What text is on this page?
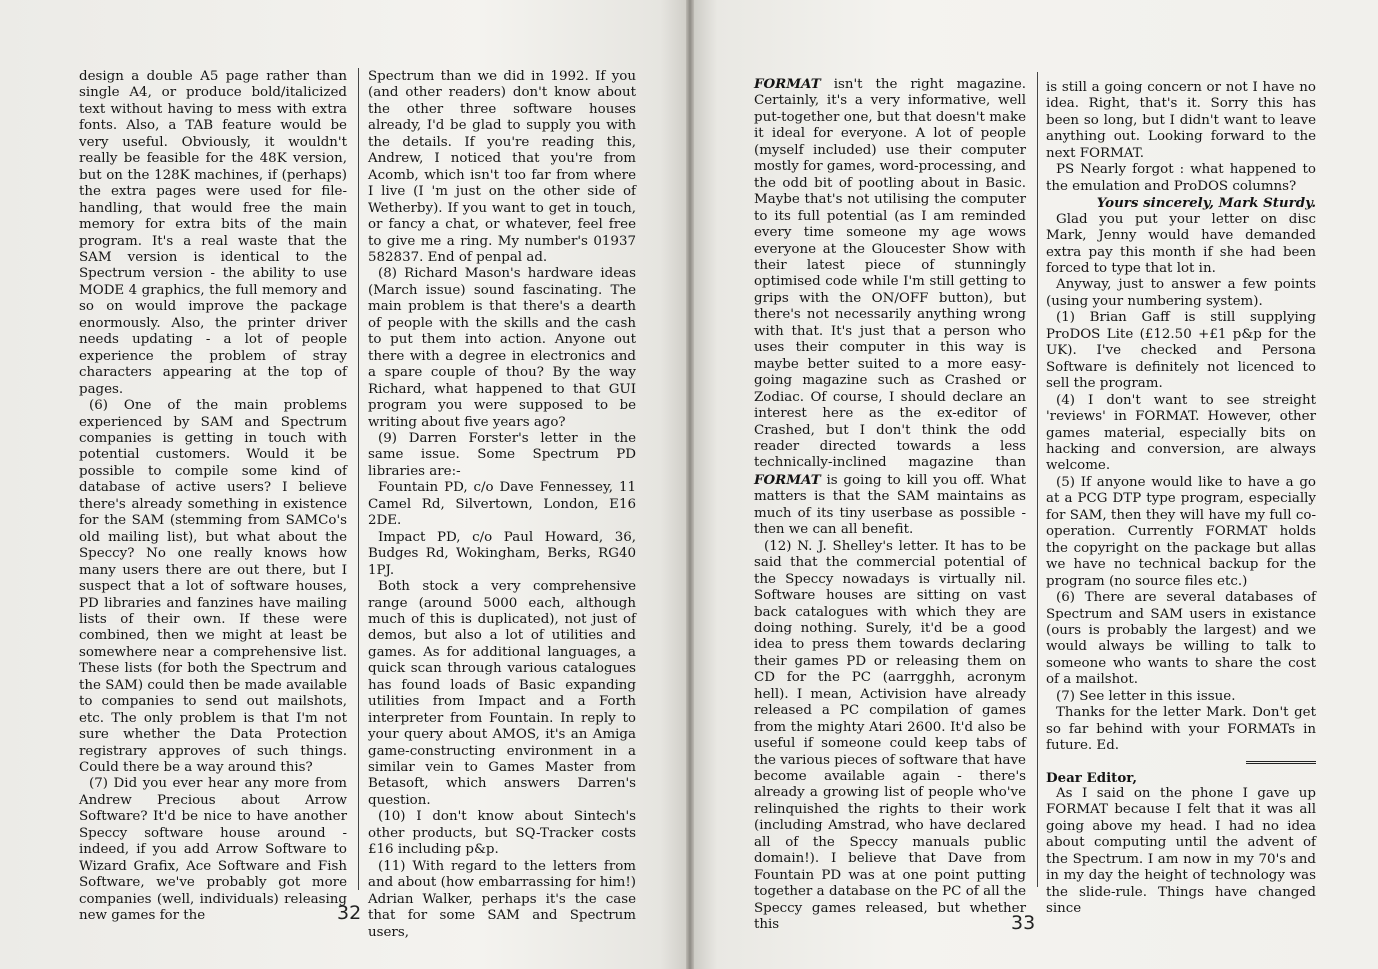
design a double A5 page rather than single A4, or produce bold/italicized text without having to mess with extra fonts. Also, a TAB feature would be very useful. Obviously, it wouldn't really be feasible for the 48K version, but on the 128K machines, if (perhaps) the extra pages were used for file-handling, that would free the main memory for extra bits of the main program. It's a real waste that the SAM version is identical to the Spectrum version - the ability to use MODE 4 graphics, the full memory and so on would improve the package enormously. Also, the printer driver needs updating - a lot of people experience the problem of stray characters appearing at the top of pages.

(6) One of the main problems experienced by SAM and Spectrum companies is getting in touch with potential customers. Would it be possible to compile some kind of database of active users? I believe there's already something in existence for the SAM (stemming from SAMCo's old mailing list), but what about the Speccy? No one really knows how many users there are out there, but I suspect that a lot of software houses, PD libraries and fanzines have mailing lists of their own. If these were combined, then we might at least be somewhere near a comprehensive list. These lists (for both the Spectrum and the SAM) could then be made available to companies to send out mailshots, etc. The only problem is that I'm not sure whether the Data Protection registrary approves of such things. Could there be a way around this?

(7) Did you ever hear any more from Andrew Precious about Arrow Software? It'd be nice to have another Speccy software house around - indeed, if you add Arrow Software to Wizard Grafix, Ace Software and Fish Software, we've probably got more companies (well, individuals) releasing new games for the

Spectrum than we did in 1992. If you (and other readers) don't know about the other three software houses already, I'd be glad to supply you with the details. If you're reading this, Andrew, I noticed that you're from Acomb, which isn't too far from where I live (I 'm just on the other side of Wetherby). If you want to get in touch, or fancy a chat, or whatever, feel free to give me a ring. My number's 01937 582837. End of penpal ad.

(8) Richard Mason's hardware ideas (March issue) sound fascinating. The main problem is that there's a dearth of people with the skills and the cash to put them into action. Anyone out there with a degree in electronics and a spare couple of thou? By the way Richard, what happened to that GUI program you were supposed to be writing about five years ago?

(9) Darren Forster's letter in the same issue. Some Spectrum PD libraries are:-

Fountain PD, c/o Dave Fennessey, 11 Camel Rd, Silvertown, London, E16 2DE.

Impact PD, c/o Paul Howard, 36, Budges Rd, Wokingham, Berks, RG40 1PJ.

Both stock a very comprehensive range (around 5000 each, although much of this is duplicated), not just of demos, but also a lot of utilities and games. As for additional languages, a quick scan through various catalogues has found loads of Basic expanding utilities from Impact and a Forth interpreter from Fountain. In reply to your query about AMOS, it's an Amiga game-constructing environment in a similar vein to Games Master from Betasoft, which answers Darren's question.

(10) I don't know about Sintech's other products, but SQ-Tracker costs £16 including p&p.

(11) With regard to the letters from and about (how embarrassing for him!) Adrian Walker, perhaps it's the case that for some SAM and Spectrum users,

32

FORMAT isn't the right magazine. Certainly, it's a very informative, well put-together one, but that doesn't make it ideal for everyone. A lot of people (myself included) use their computer mostly for games, word-processing, and the odd bit of pootling about in Basic. Maybe that's not utilising the computer to its full potential (as I am reminded every time someone my age wows everyone at the Gloucester Show with their latest piece of stunningly optimised code while I'm still getting to grips with the ON/OFF button), but there's not necessarily anything wrong with that. It's just that a person who uses their computer in this way is maybe better suited to a more easy-going magazine such as Crashed or Zodiac. Of course, I should declare an interest here as the ex-editor of Crashed, but I don't think the odd reader directed towards a less technically-inclined magazine than FORMAT is going to kill you off. What matters is that the SAM maintains as much of its tiny userbase as possible - then we can all benefit.

(12) N. J. Shelley's letter. It has to be said that the commercial potential of the Speccy nowadays is virtually nil. Software houses are sitting on vast back catalogues with which they are doing nothing. Surely, it'd be a good idea to press them towards declaring their games PD or releasing them on CD for the PC (aarrgghh, acronym hell). I mean, Activision have already released a PC compilation of games from the mighty Atari 2600. It'd also be useful if someone could keep tabs of the various pieces of software that have become available again - there's already a growing list of people who've relinquished the rights to their work (including Amstrad, who have declared all of the Speccy manuals public domain!). I believe that Dave from Fountain PD was at one point putting together a database on the PC of all the Speccy games released, but whether this

is still a going concern or not I have no idea. Right, that's it. Sorry this has been so long, but I didn't want to leave anything out. Looking forward to the next FORMAT.

PS Nearly forgot : what happened to the emulation and ProDOS columns?

Yours sincerely, Mark Sturdy.

Glad you put your letter on disc Mark, Jenny would have demanded extra pay this month if she had been forced to type that lot in.

Anyway, just to answer a few points (using your numbering system).

(1) Brian Gaff is still supplying ProDOS Lite (£12.50 +£1 p&p for the UK). I've checked and Persona Software is definitely not licenced to sell the program.

(4) I don't want to see streight 'reviews' in FORMAT. However, other games material, especially bits on hacking and conversion, are always welcome.

(5) If anyone would like to have a go at a PCG DTP type program, especially for SAM, then they will have my full co-operation. Currently FORMAT holds the copyright on the package but allas we have no technical backup for the program (no source files etc.)

(6) There are several databases of Spectrum and SAM users in existance (ours is probably the largest) and we would always be willing to talk to someone who wants to share the cost of a mailshot.

(7) See letter in this issue.

Thanks for the letter Mark. Don't get so far behind with your FORMATs in future. Ed.

Dear Editor,

As I said on the phone I gave up FORMAT because I felt that it was all going above my head. I had no idea about computing until the advent of the Spectrum. I am now in my 70's and in my day the height of technology was the slide-rule. Things have changed since

33
